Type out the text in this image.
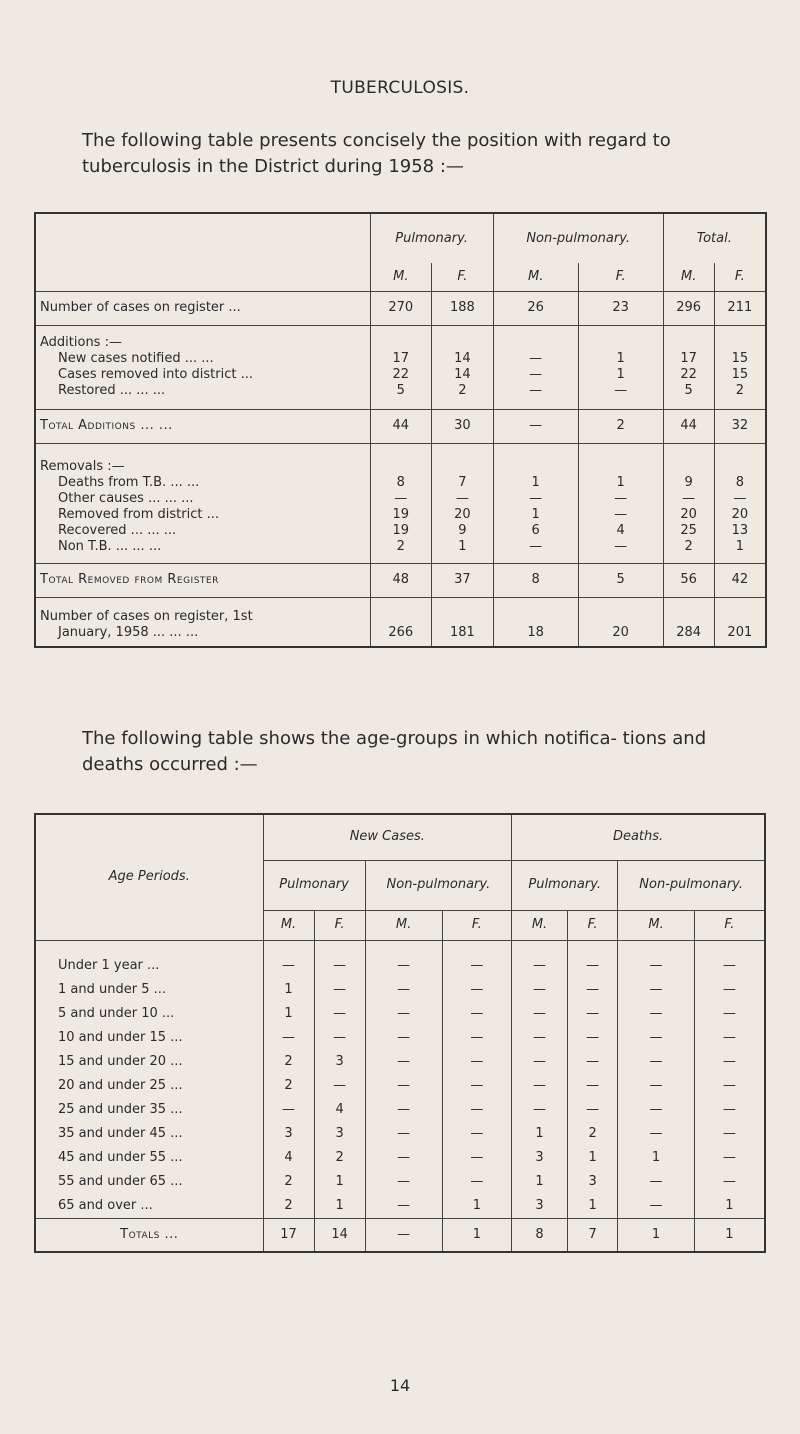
TUBERCULOSIS.
The following table presents concisely the position with regard to tuberculosis in the District during 1958 :—
	Pulmonary.		Non-pulmonary.		Total.	
	M.	F.	M.	F.	M.	F.
Number of cases on register ...	270	188	26	23	296	211
Additions :—						
New cases notified ... ...	17	14	—	1	17	15
Cases removed into district ...	22	14	—	1	22	15
Restored ... ... ...	5	2	—	—	5	2
Total Additions ... ...	44	30	—	2	44	32
Removals :—						
Deaths from T.B. ... ...	8	7	1	1	9	8
Other causes ... ... ...	—	—	—	—	—	—
Removed from district ...	19	20	1	—	20	20
Recovered ... ... ...	19	9	6	4	25	13
Non T.B. ... ... ...	2	1	—	—	2	1
Total Removed from Register	48	37	8	5	56	42
Number of cases on register, 1st						
January, 1958 ... ... ...	266	181	18	20	284	201
The following table shows the age-groups in which notifica- tions and deaths occurred :—
Age Periods.	New Cases.				Deaths.			
	Pulmonary		Non-pulmonary.		Pulmonary.		Non-pulmonary.	
	M.	F.	M.	F.	M.	F.	M.	F.

Under 1 year ...	—	—	—	—	—	—	—	—
1 and under 5 ...	1	—	—	—	—	—	—	—
5 and under 10 ...	1	—	—	—	—	—	—	—
10 and under 15 ...	—	—	—	—	—	—	—	—
15 and under 20 ...	2	3	—	—	—	—	—	—
20 and under 25 ...	2	—	—	—	—	—	—	—
25 and under 35 ...	—	4	—	—	—	—	—	—
35 and under 45 ...	3	3	—	—	1	2	—	—
45 and under 55 ...	4	2	—	—	3	1	1	—
55 and under 65 ...	2	1	—	—	1	3	—	—
65 and over ...	2	1	—	1	3	1	—	1
Totals ...	17	14	—	1	8	7	1	1
14
